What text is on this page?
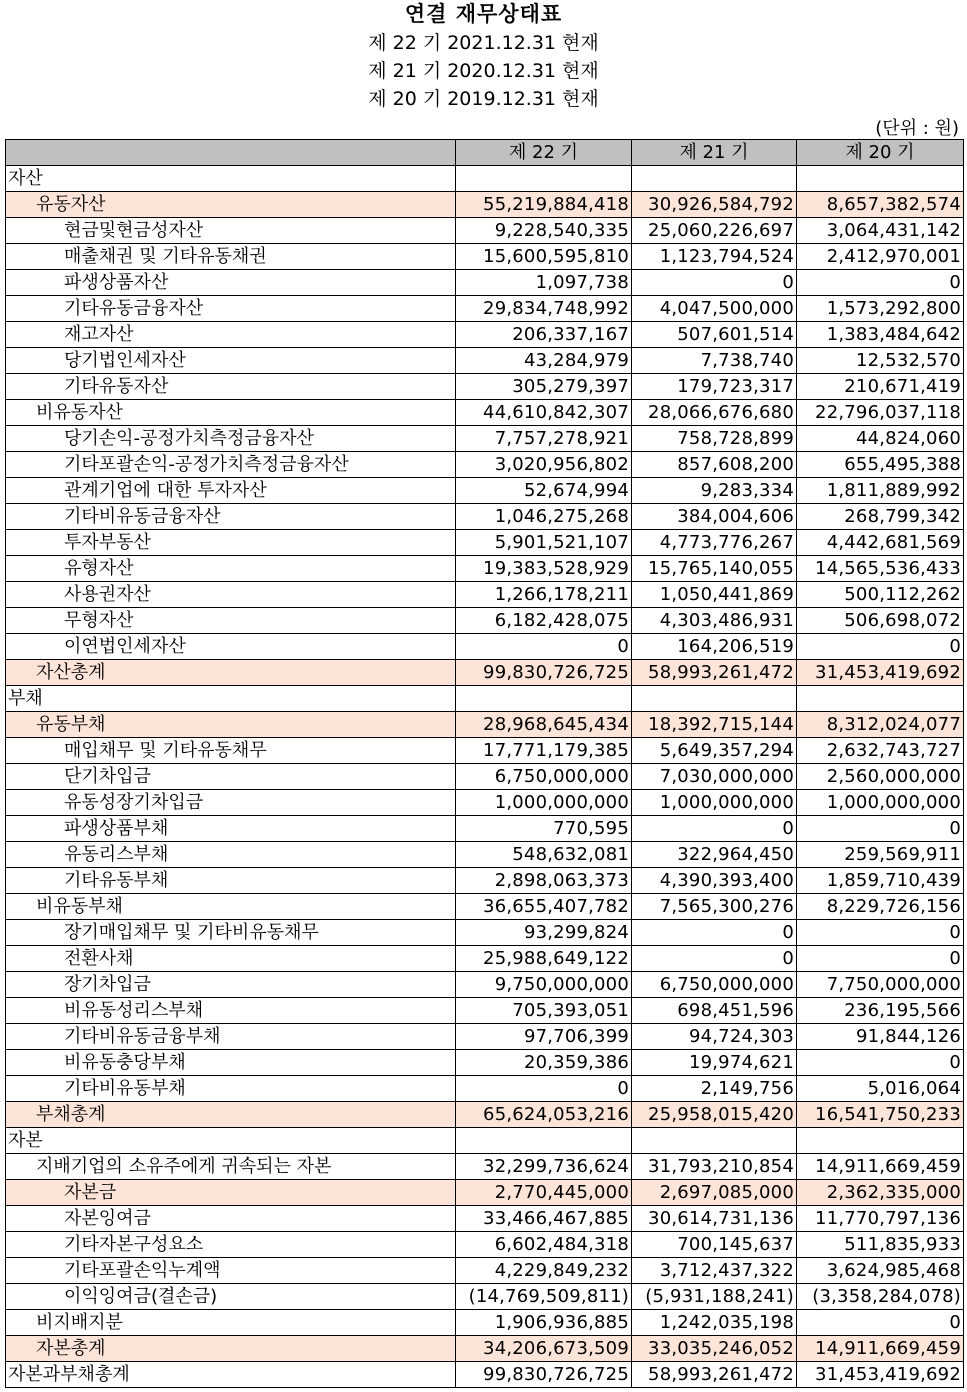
연결 재무상태표
제 22 기 2021.12.31 현재
제 21 기 2020.12.31 현재
제 20 기 2019.12.31 현재
(단위 : 원)
	제 22 기	제 21 기	제 20 기
자산			
유동자산	55,219,884,418	30,926,584,792	8,657,382,574
현금및현금성자산	9,228,540,335	25,060,226,697	3,064,431,142
매출채권 및 기타유동채권	15,600,595,810	1,123,794,524	2,412,970,001
파생상품자산	1,097,738	0	0
기타유동금융자산	29,834,748,992	4,047,500,000	1,573,292,800
재고자산	206,337,167	507,601,514	1,383,484,642
당기법인세자산	43,284,979	7,738,740	12,532,570
기타유동자산	305,279,397	179,723,317	210,671,419
비유동자산	44,610,842,307	28,066,676,680	22,796,037,118
당기손익-공정가치측정금융자산	7,757,278,921	758,728,899	44,824,060
기타포괄손익-공정가치측정금융자산	3,020,956,802	857,608,200	655,495,388
관계기업에 대한 투자자산	52,674,994	9,283,334	1,811,889,992
기타비유동금융자산	1,046,275,268	384,004,606	268,799,342
투자부동산	5,901,521,107	4,773,776,267	4,442,681,569
유형자산	19,383,528,929	15,765,140,055	14,565,536,433
사용권자산	1,266,178,211	1,050,441,869	500,112,262
무형자산	6,182,428,075	4,303,486,931	506,698,072
이연법인세자산	0	164,206,519	0
자산총계	99,830,726,725	58,993,261,472	31,453,419,692
부채			
유동부채	28,968,645,434	18,392,715,144	8,312,024,077
매입채무 및 기타유동채무	17,771,179,385	5,649,357,294	2,632,743,727
단기차입금	6,750,000,000	7,030,000,000	2,560,000,000
유동성장기차입금	1,000,000,000	1,000,000,000	1,000,000,000
파생상품부채	770,595	0	0
유동리스부채	548,632,081	322,964,450	259,569,911
기타유동부채	2,898,063,373	4,390,393,400	1,859,710,439
비유동부채	36,655,407,782	7,565,300,276	8,229,726,156
장기매입채무 및 기타비유동채무	93,299,824	0	0
전환사채	25,988,649,122	0	0
장기차입금	9,750,000,000	6,750,000,000	7,750,000,000
비유동성리스부채	705,393,051	698,451,596	236,195,566
기타비유동금융부채	97,706,399	94,724,303	91,844,126
비유동충당부채	20,359,386	19,974,621	0
기타비유동부채	0	2,149,756	5,016,064
부채총계	65,624,053,216	25,958,015,420	16,541,750,233
자본			
지배기업의 소유주에게 귀속되는 자본	32,299,736,624	31,793,210,854	14,911,669,459
자본금	2,770,445,000	2,697,085,000	2,362,335,000
자본잉여금	33,466,467,885	30,614,731,136	11,770,797,136
기타자본구성요소	6,602,484,318	700,145,637	511,835,933
기타포괄손익누계액	4,229,849,232	3,712,437,322	3,624,985,468
이익잉여금(결손금)	(14,769,509,811)	(5,931,188,241)	(3,358,284,078)
비지배지분	1,906,936,885	1,242,035,198	0
자본총계	34,206,673,509	33,035,246,052	14,911,669,459
자본과부채총계	99,830,726,725	58,993,261,472	31,453,419,692
